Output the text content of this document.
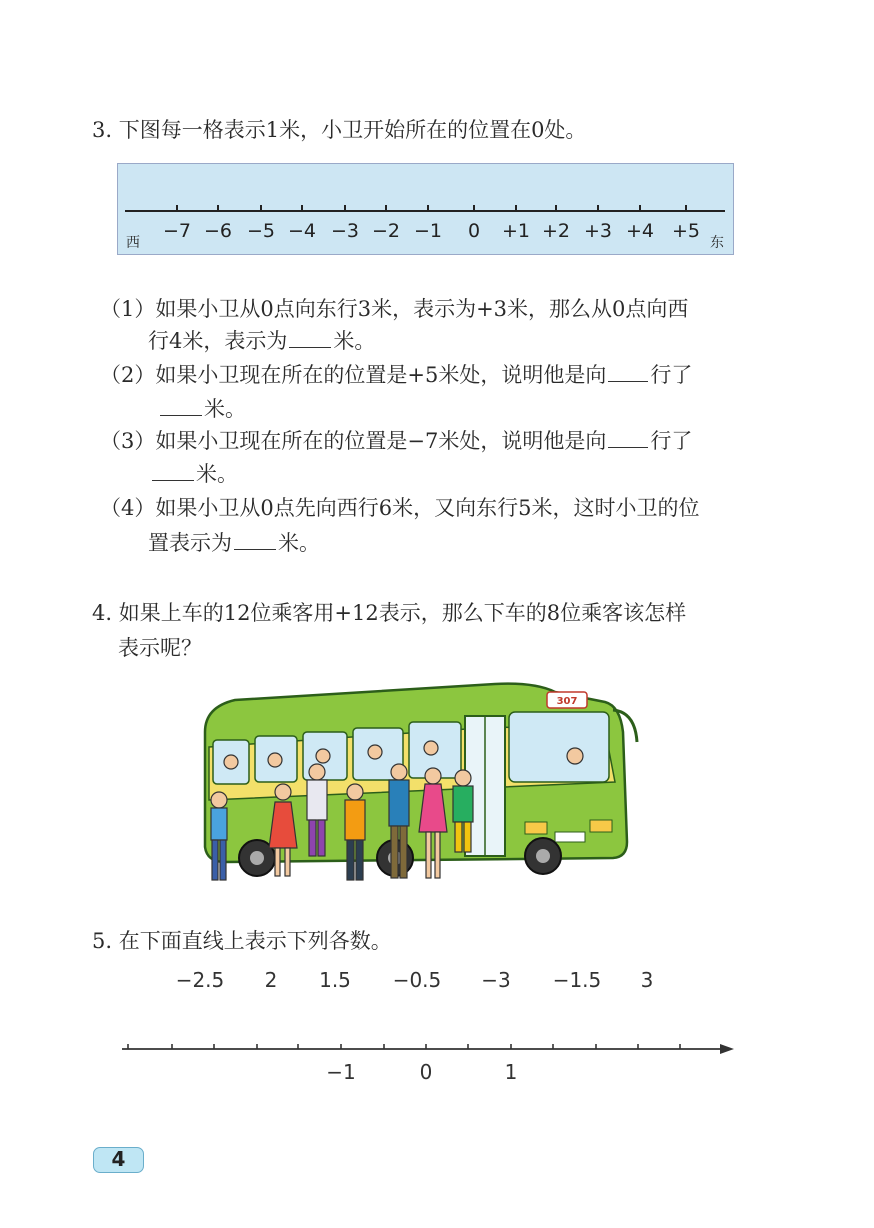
3. 下图每一格表示1米，小卫开始所在的位置在0处。
西	东
−7 −6 −5 −4 −3 −2 −1	0	+1 +2 +3 +4 +5
（1）如果小卫从0点向东行3米，表示为+3米，那么从0点向西
行4米，表示为 米。
（2）如果小卫现在所在的位置是+5米处，说明他是向 行了
米。
（3）如果小卫现在所在的位置是−7米处，说明他是向 行了
米。
（4）如果小卫从0点先向西行6米，又向东行5米，这时小卫的位
置表示为 米。
4. 如果上车的12位乘客用+12表示，那么下车的8位乘客该怎样
表示呢？
307
5. 在下面直线上表示下列各数。
−2.5	2	1.5	−0.5	−3	−1.5	3
−1	0	1
4
